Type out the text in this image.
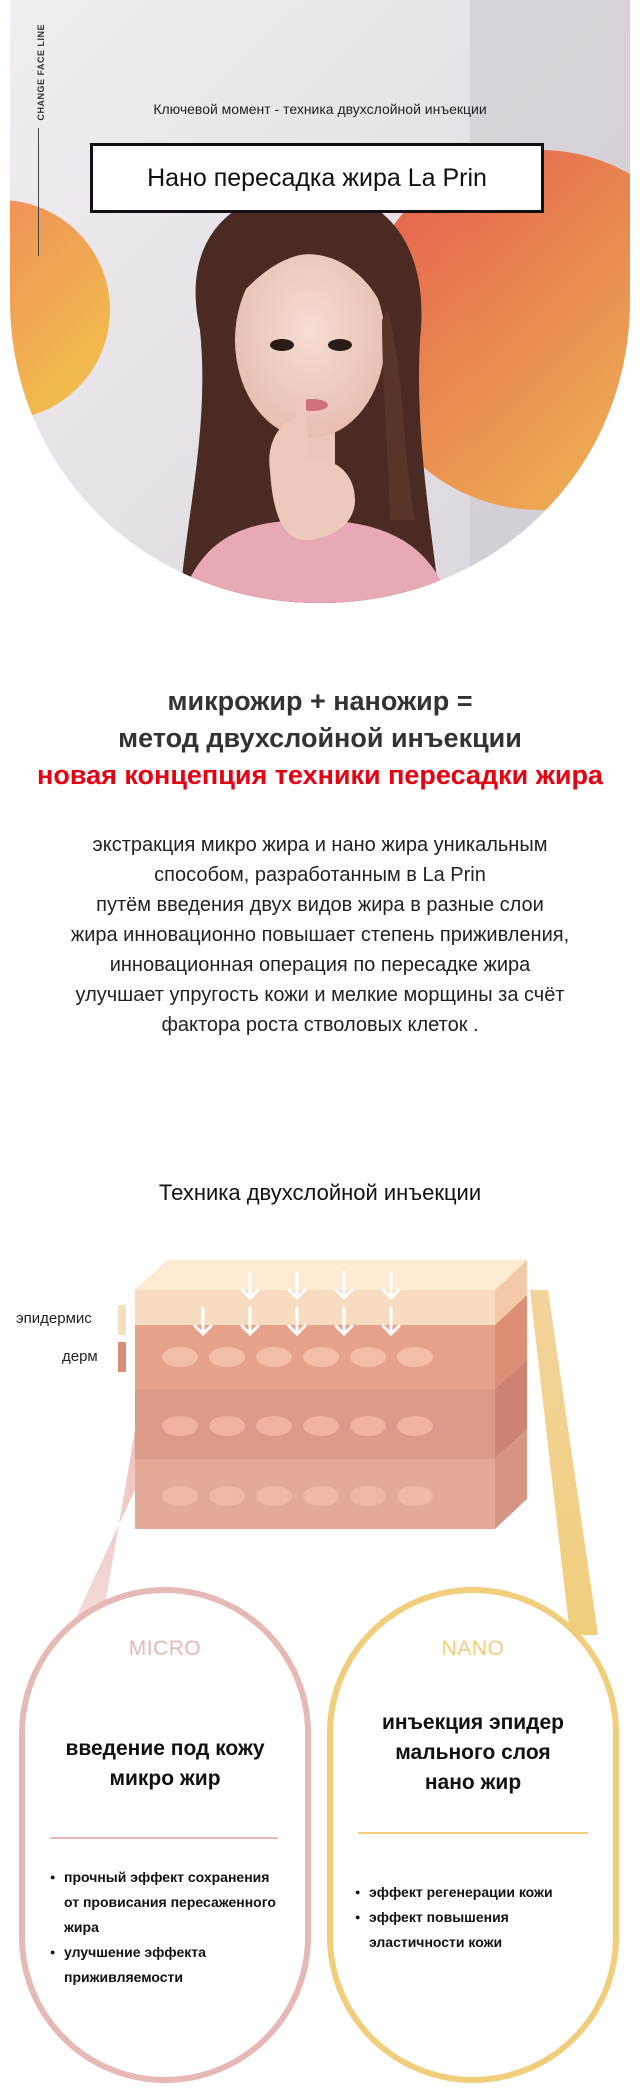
CHANGE FACE LINE	Ключевой момент - техника двухслойной инъекции
Нано пересадка жира La Prin
микрожир + наножир =
метод двухслойной инъекции
новая концепция техники пересадки жира
экстракция микро жира и нано жира уникальным
способом, разработанным в La Prin
путём введения двух видов жира в разные слои
жира инновационно повышает степень приживления,
инновационная операция по пересадке жира
улучшает упругость кожи и мелкие морщины за счёт
фактора роста стволовых клеток .
Техника двухслойной инъекции
эпидермис
дерм
MICRO
введение под кожу
микро жир
● прочный эффект сохранения
от провисания пересаженного
жира
● улучшение эффекта
приживляемости
NANO
инъекция эпидер
мального слоя
нано жир
● эффект регенерации кожи
● эффект повышения
эластичности кожи
